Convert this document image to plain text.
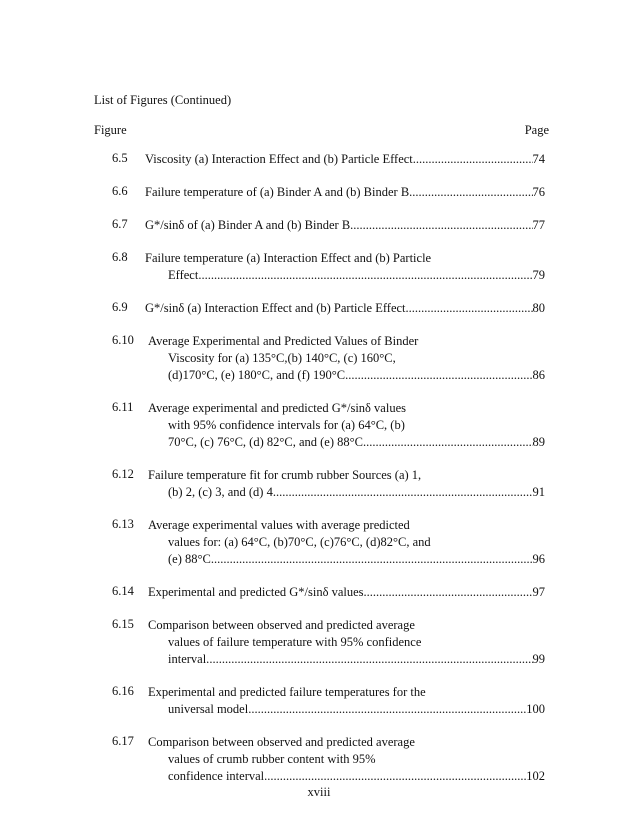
List of Figures (Continued)
Figure	Page
6.5 Viscosity (a) Interaction Effect and (b) Particle Effect .....	74
6.6 Failure temperature of (a) Binder A and (b) Binder B .....	76
6.7 G*/sinδ of (a) Binder A and (b) Binder B .....	77
6.8 Failure temperature (a) Interaction Effect and (b) Particle
Effect .....	79
6.9 G*/sinδ (a) Interaction Effect and (b) Particle Effect .....	80
6.10 Average Experimental and Predicted Values of Binder
Viscosity for (a) 135°C,(b) 140°C, (c) 160°C,
(d)170°C, (e) 180°C, and (f) 190°C .....	86
6.11 Average experimental and predicted G*/sinδ values
with 95% confidence intervals for (a) 64°C, (b)
70°C, (c) 76°C, (d) 82°C, and (e) 88°C .....	89
6.12 Failure temperature fit for crumb rubber Sources (a) 1,
(b) 2, (c) 3, and (d) 4 .....	91
6.13 Average experimental values with average predicted
values for: (a) 64°C, (b)70°C, (c)76°C, (d)82°C, and
(e) 88°C. .....	96
6.14 Experimental and predicted G*/sinδ values .....	97
6.15 Comparison between observed and predicted average
values of failure temperature with 95% confidence
interval. .....	99
6.16 Experimental and predicted failure temperatures for the
universal model .....	100
6.17 Comparison between observed and predicted average
values of crumb rubber content with 95%
confidence interval .....	102
xviii
